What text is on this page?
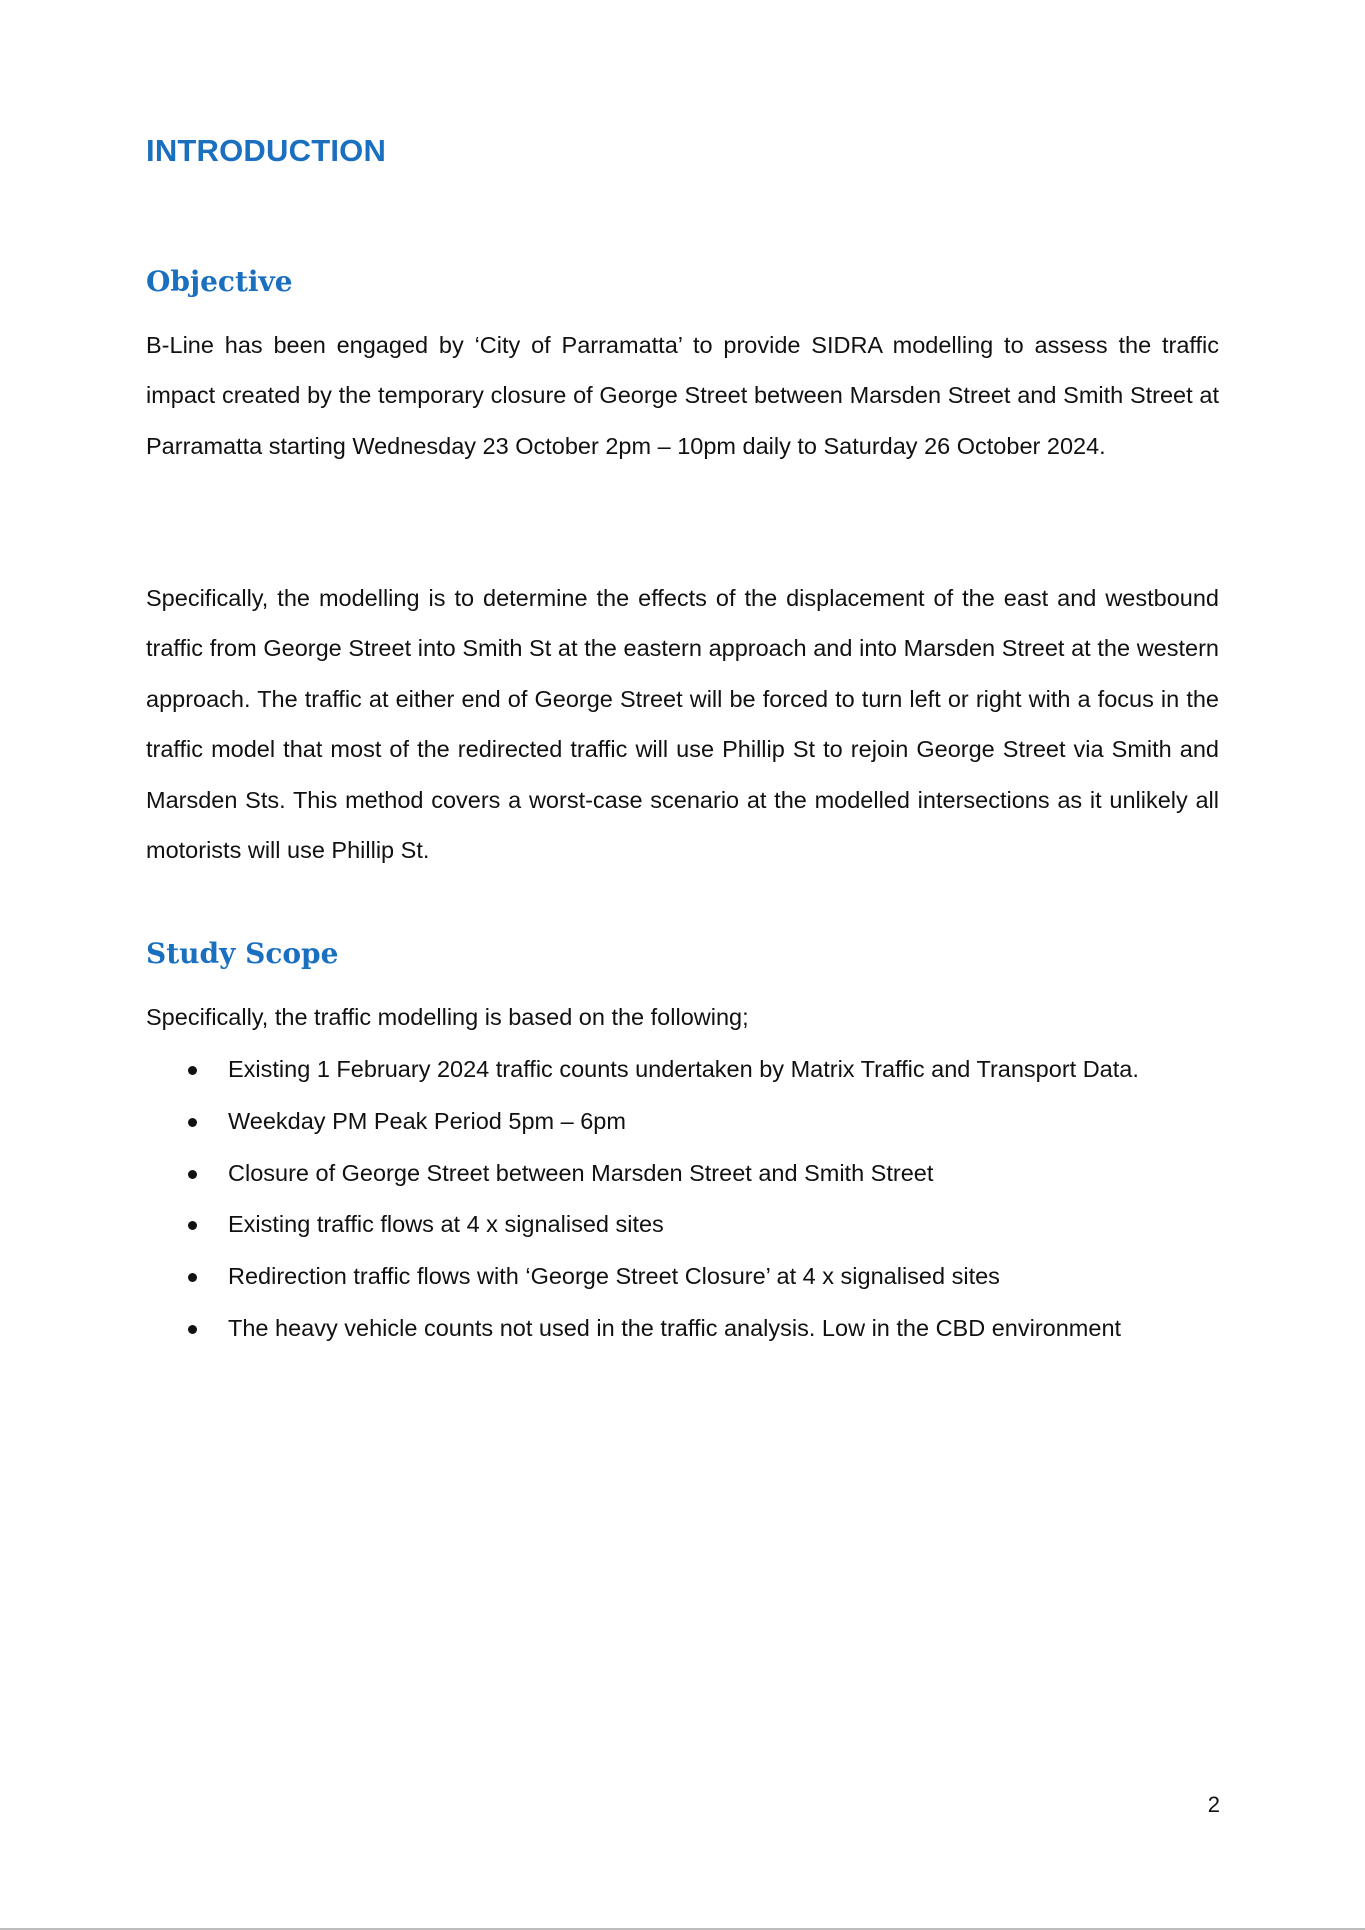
INTRODUCTION
Objective

B-Line has been engaged by ‘City of Parramatta’ to provide SIDRA modelling to assess the traffic impact created by the temporary closure of George Street between Marsden Street and Smith Street at Parramatta starting Wednesday 23 October 2pm – 10pm daily to Saturday 26 October 2024.

Specifically, the modelling is to determine the effects of the displacement of the east and westbound traffic from George Street into Smith St at the eastern approach and into Marsden Street at the western approach. The traffic at either end of George Street will be forced to turn left or right with a focus in the traffic model that most of the redirected traffic will use Phillip St to rejoin George Street via Smith and Marsden Sts. This method covers a worst-case scenario at the modelled intersections as it unlikely all motorists will use Phillip St.

Study Scope

Specifically, the traffic modelling is based on the following;

Existing 1 February 2024 traffic counts undertaken by Matrix Traffic and Transport Data.
Weekday PM Peak Period 5pm – 6pm
Closure of George Street between Marsden Street and Smith Street
Existing traffic flows at 4 x signalised sites
Redirection traffic flows with ‘George Street Closure’ at 4 x signalised sites
The heavy vehicle counts not used in the traffic analysis. Low in the CBD environment
2
